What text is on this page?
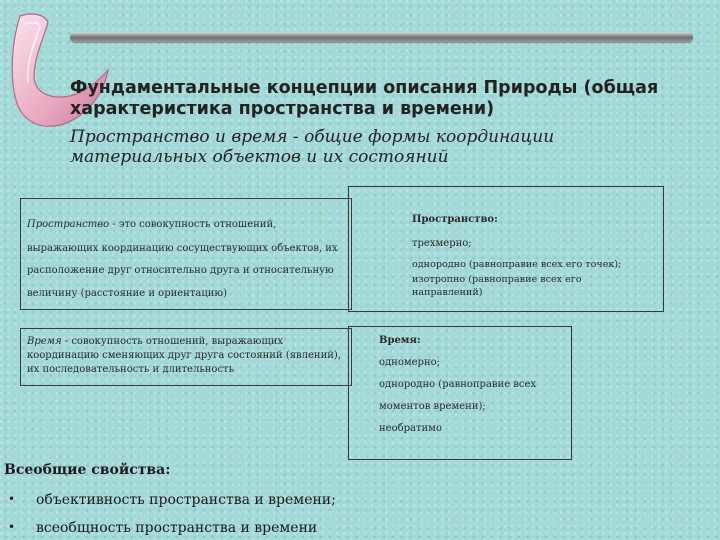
Фундаментальные концепции описания Природы (общая характеристика пространства и времени)
Пространство и время - общие формы координации материальных объектов и их состояний
Пространство - это совокупность отношений,
выражающих координацию сосуществующих объектов, их
расположение друг относительно друга и относительную
величину (расстояние и ориентацию)
Пространство:
трехмерно;
однородно (равноправие всех его точек);
изотропно (равноправие всех его
направлений)
Время - совокупность отношений, выражающих
координацию сменяющих друг друга состояний (явлений),
их последовательность и длительность
Время:
одномерно;
однородно (равноправие всех
моментов времени);
необратимо
Всеобщие свойства:
• объективность пространства и времени;
• всеобщность пространства и времени
